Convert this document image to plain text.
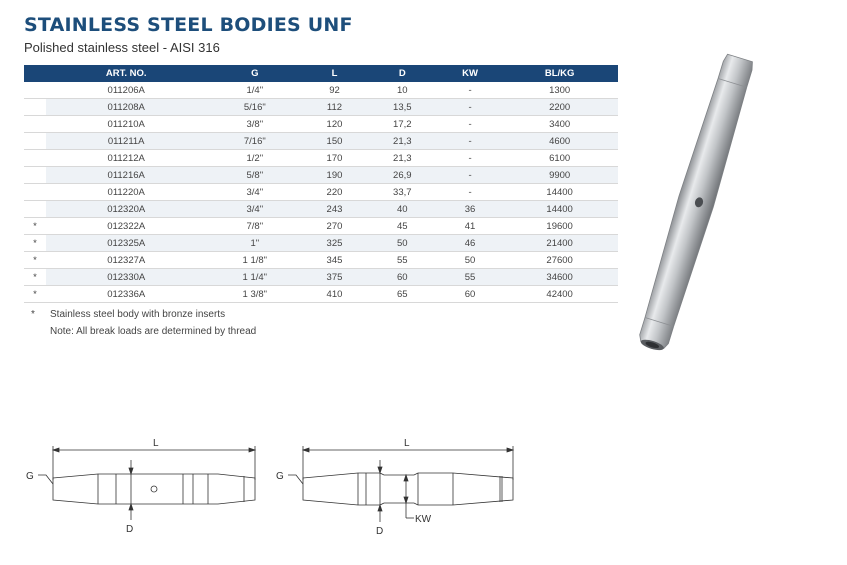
STAINLESS STEEL BODIES UNF
Polished stainless steel - AISI 316
	ART. NO.	G	L	D	KW	BL/KG
	011206A	1/4"	92	10	-	1300
	011208A	5/16"	112	13,5	-	2200
	011210A	3/8"	120	17,2	-	3400
	011211A	7/16"	150	21,3	-	4600
	011212A	1/2"	170	21,3	-	6100
	011216A	5/8"	190	26,9	-	9900
	011220A	3/4"	220	33,7	-	14400
	012320A	3/4"	243	40	36	14400
*	012322A	7/8"	270	45	41	19600
*	012325A	1"	325	50	46	21400
*	012327A	1 1/8"	345	55	50	27600
*	012330A	1 1/4"	375	60	55	34600
*	012336A	1 3/8"	410	65	60	42400
* Stainless steel body with bronze inserts
Note: All break loads are determined by thread
L
G
D
L
G
D
KW
